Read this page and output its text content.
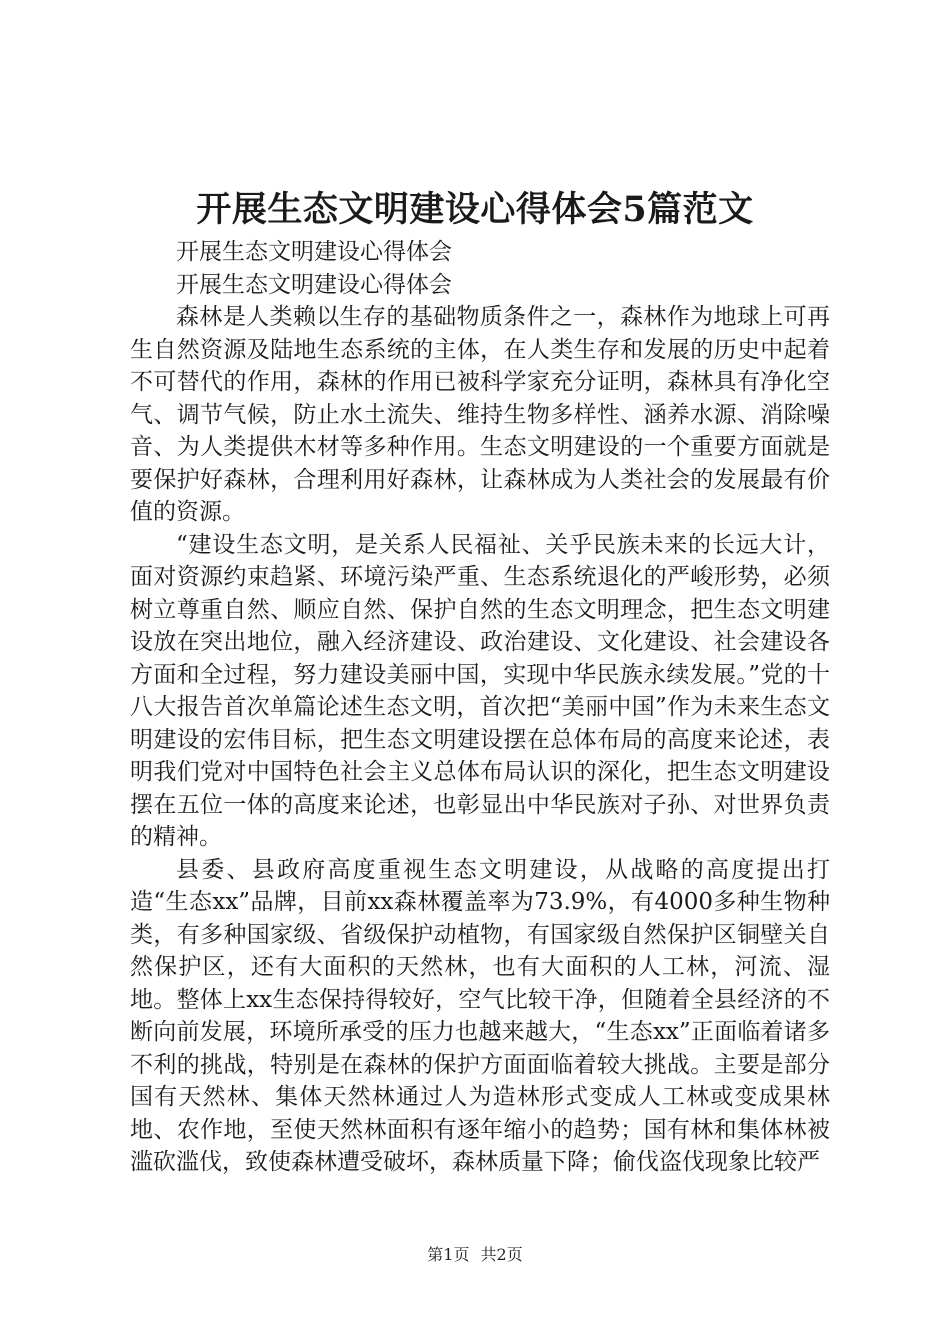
开展生态文明建设心得体会5篇范文

开展生态文明建设心得体会

开展生态文明建设心得体会

森林是人类赖以生存的基础物质条件之一，森林作为地球上可再生自然资源及陆地生态系统的主体，在人类生存和发展的历史中起着不可替代的作用，森林的作用已被科学家充分证明，森林具有净化空气、调节气候，防止水土流失、维持生物多样性、涵养水源、消除噪音、为人类提供木材等多种作用。生态文明建设的一个重要方面就是要保护好森林，合理利用好森林，让森林成为人类社会的发展最有价值的资源。

“建设生态文明，是关系人民福祉、关乎民族未来的长远大计，面对资源约束趋紧、环境污染严重、生态系统退化的严峻形势，必须树立尊重自然、顺应自然、保护自然的生态文明理念，把生态文明建设放在突出地位，融入经济建设、政治建设、文化建设、社会建设各方面和全过程，努力建设美丽中国，实现中华民族永续发展。”党的十八大报告首次单篇论述生态文明，首次把“美丽中国”作为未来生态文明建设的宏伟目标，把生态文明建设摆在总体布局的高度来论述，表明我们党对中国特色社会主义总体布局认识的深化，把生态文明建设摆在五位一体的高度来论述，也彰显出中华民族对子孙、对世界负责的精神。

县委、县政府高度重视生态文明建设，从战略的高度提出打造“生态xx”品牌，目前xx森林覆盖率为73.9%，有4000多种生物种类，有多种国家级、省级保护动植物，有国家级自然保护区铜壁关自然保护区，还有大面积的天然林，也有大面积的人工林，河流、湿地。整体上xx生态保持得较好，空气比较干净，但随着全县经济的不断向前发展，环境所承受的压力也越来越大，“生态xx”正面临着诸多不利的挑战，特别是在森林的保护方面面临着较大挑战。主要是部分国有天然林、集体天然林通过人为造林形式变成人工林或变成果林地、农作地，至使天然林面积有逐年缩小的趋势；国有林和集体林被滥砍滥伐，致使森林遭受破坏，森林质量下降；偷伐盗伐现象比较严

第1页 共2页
